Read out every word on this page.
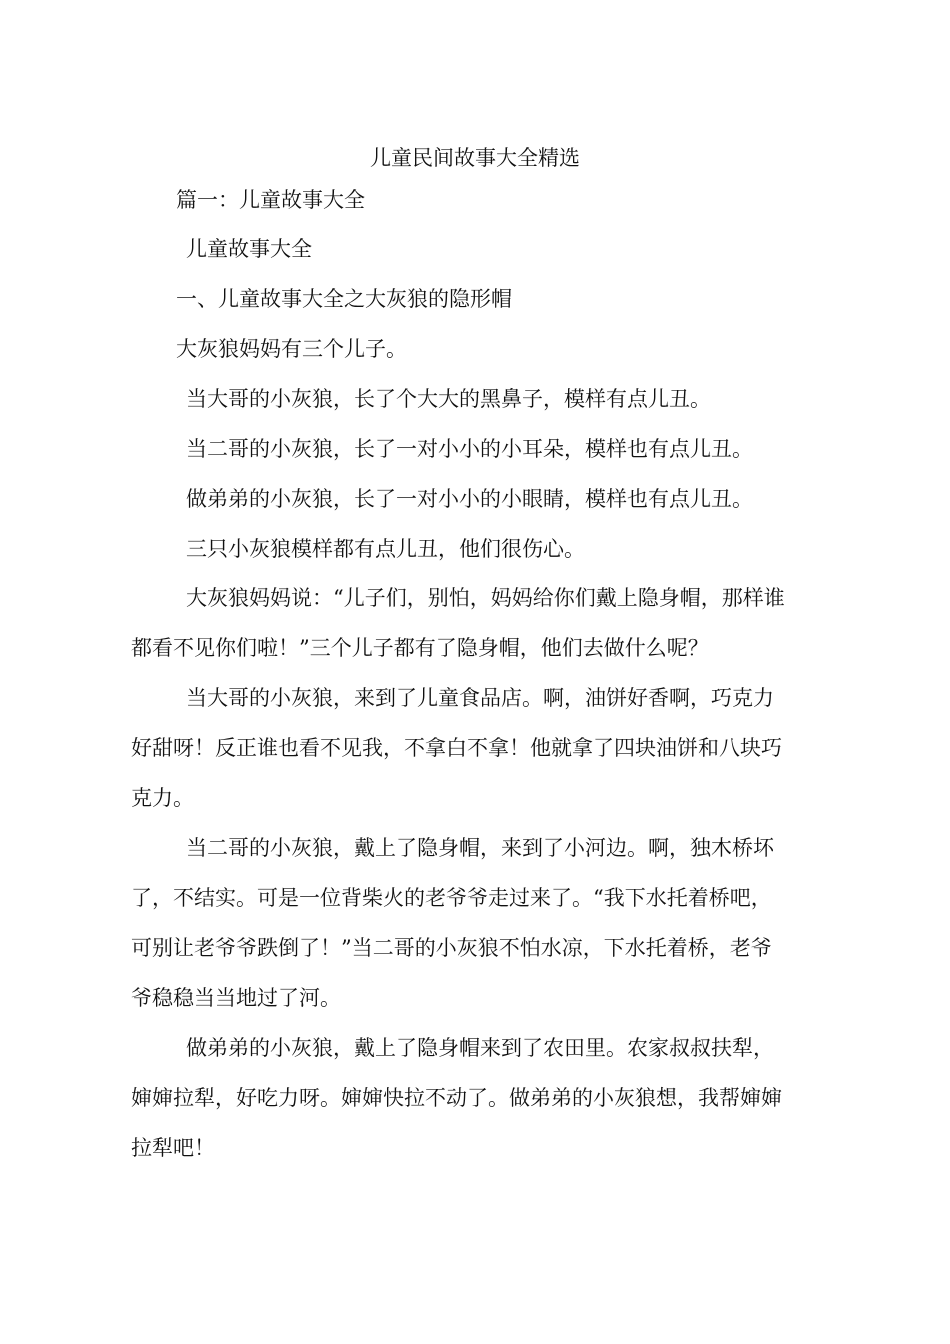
儿童民间故事大全精选

篇一：儿童故事大全

儿童故事大全

一、儿童故事大全之大灰狼的隐形帽

大灰狼妈妈有三个儿子。

当大哥的小灰狼，长了个大大的黑鼻子，模样有点儿丑。

当二哥的小灰狼，长了一对小小的小耳朵，模样也有点儿丑。

做弟弟的小灰狼，长了一对小小的小眼睛，模样也有点儿丑。

三只小灰狼模样都有点儿丑，他们很伤心。

大灰狼妈妈说：“儿子们，别怕，妈妈给你们戴上隐身帽，那样谁

都看不见你们啦！”三个儿子都有了隐身帽，他们去做什么呢？

当大哥的小灰狼，来到了儿童食品店。啊，油饼好香啊，巧克力

好甜呀！反正谁也看不见我，不拿白不拿！他就拿了四块油饼和八块巧

克力。

当二哥的小灰狼，戴上了隐身帽，来到了小河边。啊，独木桥坏

了，不结实。可是一位背柴火的老爷爷走过来了。“我下水托着桥吧，

可别让老爷爷跌倒了！”当二哥的小灰狼不怕水凉，下水托着桥，老爷

爷稳稳当当地过了河。

做弟弟的小灰狼，戴上了隐身帽来到了农田里。农家叔叔扶犁，

婶婶拉犁，好吃力呀。婶婶快拉不动了。做弟弟的小灰狼想，我帮婶婶

拉犁吧！
